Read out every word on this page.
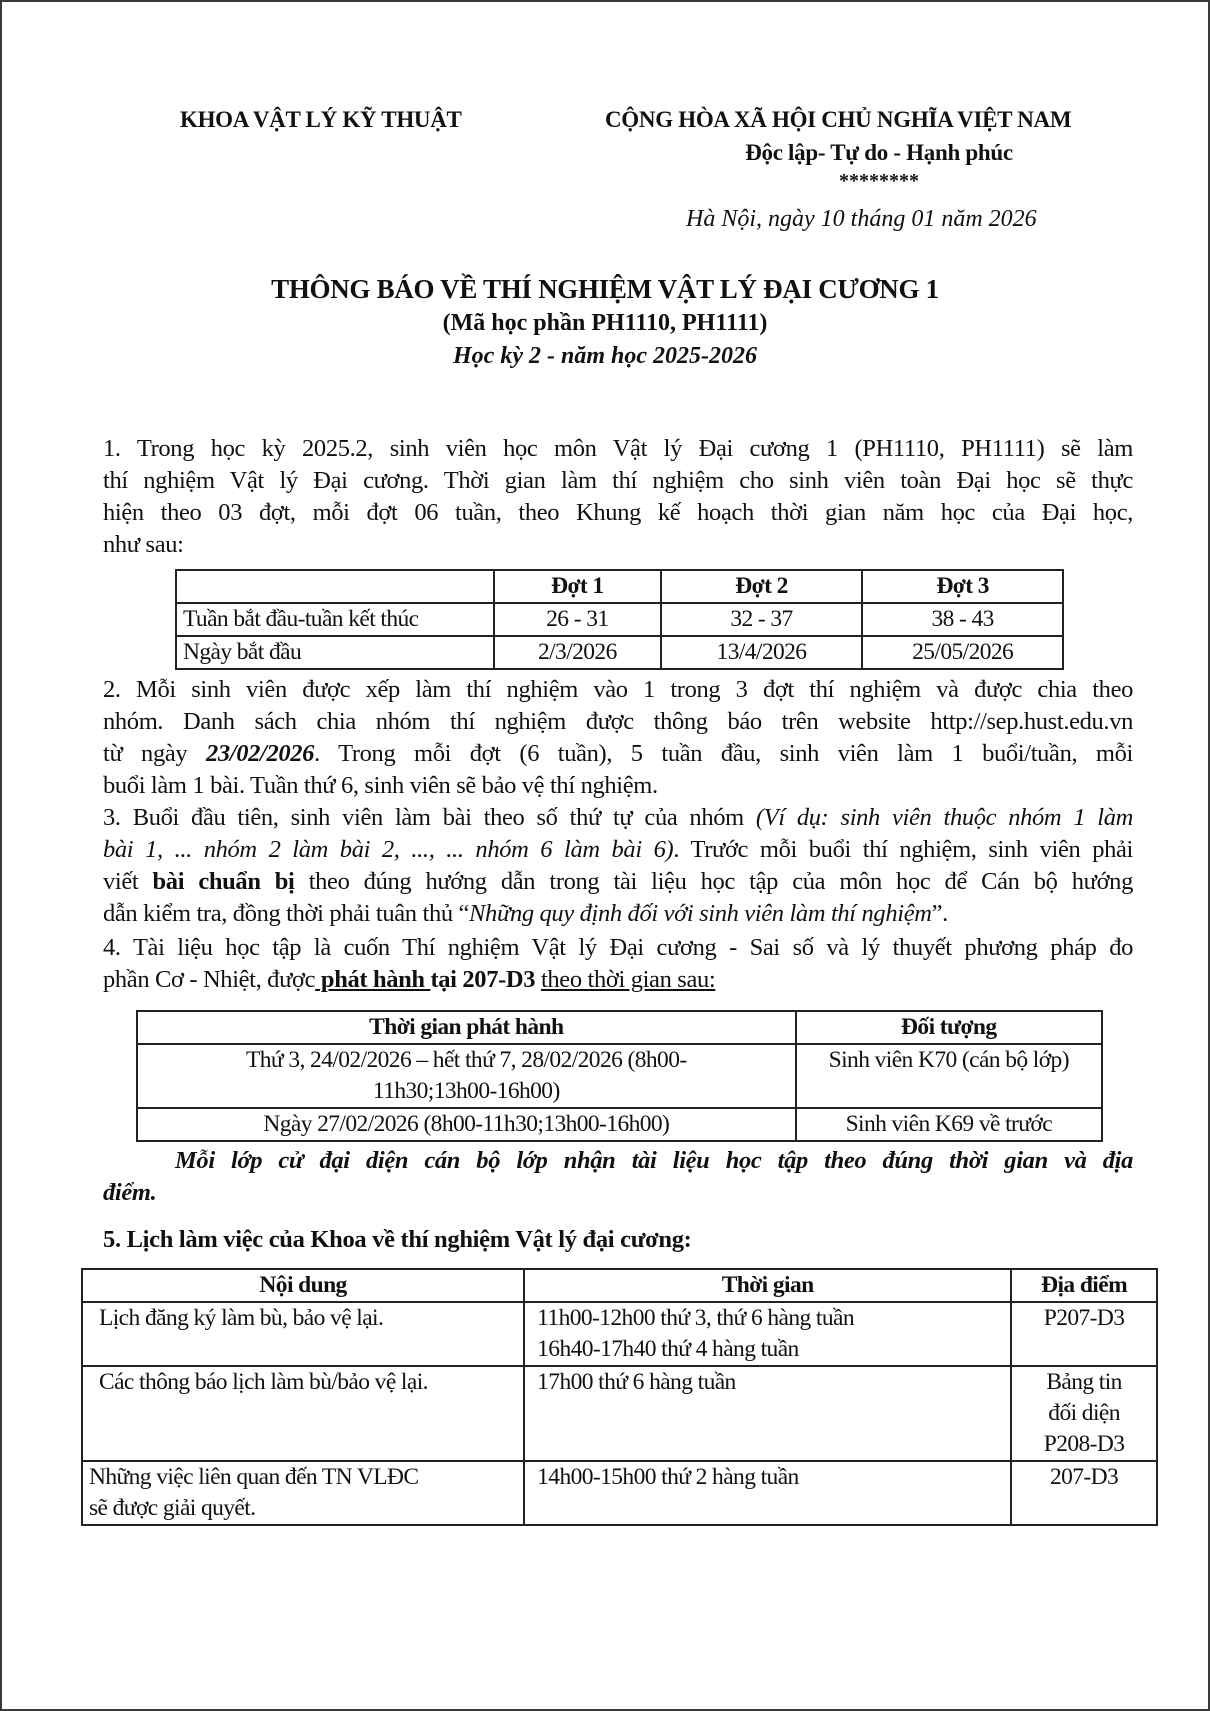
KHOA VẬT LÝ KỸ THUẬT	CỘNG HÒA XÃ HỘI CHỦ NGHĨA VIỆT NAM
Độc lập- Tự do - Hạnh phúc
********
Hà Nội, ngày 10 tháng 01 năm 2026
THÔNG BÁO VỀ THÍ NGHIỆM VẬT LÝ ĐẠI CƯƠNG 1
(Mã học phần PH1110, PH1111)
Học kỳ 2 - năm học 2025-2026
1. Trong học kỳ 2025.2, sinh viên học môn Vật lý Đại cương 1 (PH1110, PH1111) sẽ làm
thí nghiệm Vật lý Đại cương. Thời gian làm thí nghiệm cho sinh viên toàn Đại học sẽ thực
hiện theo 03 đợt, mỗi đợt 06 tuần, theo Khung kế hoạch thời gian năm học của Đại học,
như sau:
	Đợt 1	Đợt 2	Đợt 3
Tuần bắt đầu-tuần kết thúc	26 - 31	32 - 37	38 - 43
Ngày bắt đầu	2/3/2026	13/4/2026	25/05/2026
2. Mỗi sinh viên được xếp làm thí nghiệm vào 1 trong 3 đợt thí nghiệm và được chia theo
nhóm. Danh sách chia nhóm thí nghiệm được thông báo trên website http://sep.hust.edu.vn
từ ngày 23/02/2026. Trong mỗi đợt (6 tuần), 5 tuần đầu, sinh viên làm 1 buổi/tuần, mỗi
buổi làm 1 bài. Tuần thứ 6, sinh viên sẽ bảo vệ thí nghiệm.
3. Buổi đầu tiên, sinh viên làm bài theo số thứ tự của nhóm (Ví dụ: sinh viên thuộc nhóm 1 làm
bài 1, ... nhóm 2 làm bài 2, ..., ... nhóm 6 làm bài 6). Trước mỗi buổi thí nghiệm, sinh viên phải
viết bài chuẩn bị theo đúng hướng dẫn trong tài liệu học tập của môn học để Cán bộ hướng
dẫn kiểm tra, đồng thời phải tuân thủ “Những quy định đối với sinh viên làm thí nghiệm”.
4. Tài liệu học tập là cuốn Thí nghiệm Vật lý Đại cương - Sai số và lý thuyết phương pháp đo
phần Cơ - Nhiệt, được phát hành tại 207-D3 theo thời gian sau:
Thời gian phát hành	Đối tượng
Thứ 3, 24/02/2026 – hết thứ 7, 28/02/2026 (8h00-
11h30;13h00-16h00)	Sinh viên K70 (cán bộ lớp)
Ngày 27/02/2026 (8h00-11h30;13h00-16h00)	Sinh viên K69 về trước
Mỗi lớp cử đại diện cán bộ lớp nhận tài liệu học tập theo đúng thời gian và địa
điểm.
5. Lịch làm việc của Khoa về thí nghiệm Vật lý đại cương:
Nội dung	Thời gian	Địa điểm
Lịch đăng ký làm bù, bảo vệ lại.	11h00-12h00 thứ 3, thứ 6 hàng tuần
16h40-17h40 thứ 4 hàng tuần	P207-D3
Các thông báo lịch làm bù/bảo vệ lại.	17h00 thứ 6 hàng tuần	Bảng tin
đối diện
P208-D3
Những việc liên quan đến TN VLĐC
sẽ được giải quyết.	14h00-15h00 thứ 2 hàng tuần	207-D3
